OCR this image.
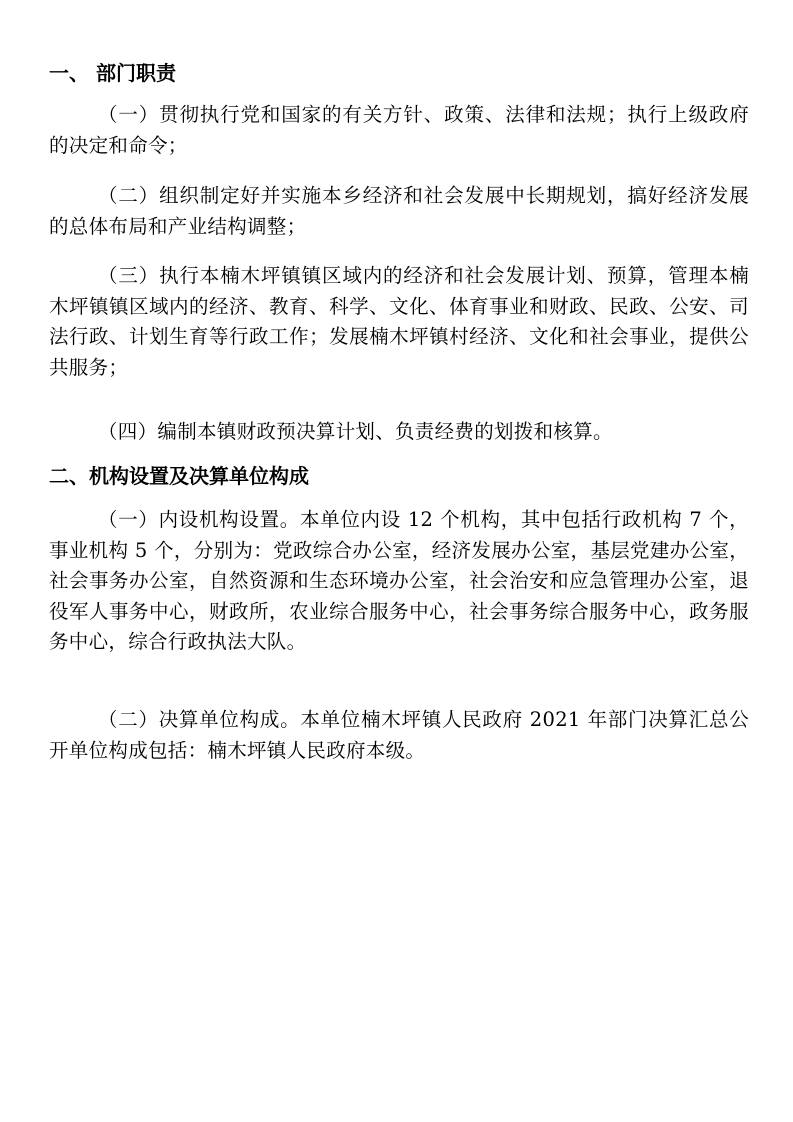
一、 部门职责
（一）贯彻执行党和国家的有关方针、政策、法律和法规；执行上级政府的决定和命令；
（二）组织制定好并实施本乡经济和社会发展中长期规划，搞好经济发展的总体布局和产业结构调整；
（三）执行本楠木坪镇镇区域内的经济和社会发展计划、预算，管理本楠木坪镇镇区域内的经济、教育、科学、文化、体育事业和财政、民政、公安、司法行政、计划生育等行政工作；发展楠木坪镇村经济、文化和社会事业，提供公共服务；
（四）编制本镇财政预决算计划、负责经费的划拨和核算。
二、机构设置及决算单位构成
（一）内设机构设置。本单位内设 12 个机构，其中包括行政机构 7 个，事业机构 5 个，分别为：党政综合办公室，经济发展办公室，基层党建办公室，社会事务办公室，自然资源和生态环境办公室，社会治安和应急管理办公室，退役军人事务中心，财政所，农业综合服务中心，社会事务综合服务中心，政务服务中心，综合行政执法大队。
（二）决算单位构成。本单位楠木坪镇人民政府 2021 年部门决算汇总公开单位构成包括：楠木坪镇人民政府本级。
